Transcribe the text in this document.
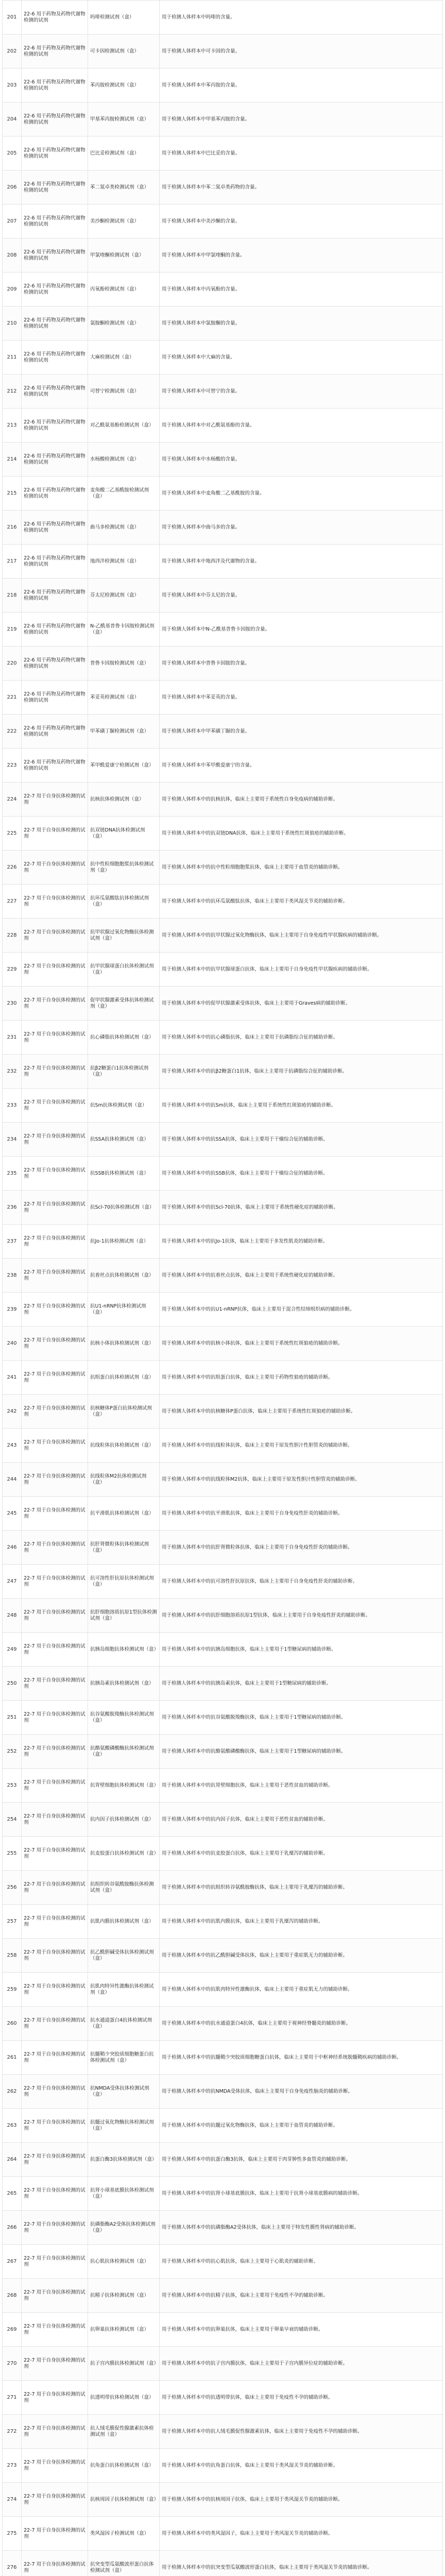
201	22-6 用于药物及药物代谢物检测的试剂	吗啡检测试剂（盒）	用于检测人体样本中吗啡的含量。
202	22-6 用于药物及药物代谢物检测的试剂	可卡因检测试剂（盒）	用于检测人体样本中可卡因的含量。
203	22-6 用于药物及药物代谢物检测的试剂	苯丙胺检测试剂（盒）	用于检测人体样本中苯丙胺的含量。
204	22-6 用于药物及药物代谢物检测的试剂	甲基苯丙胺检测试剂（盒）	用于检测人体样本中甲基苯丙胺的含量。
205	22-6 用于药物及药物代谢物检测的试剂	巴比妥检测试剂（盒）	用于检测人体样本中巴比妥的含量。
206	22-6 用于药物及药物代谢物检测的试剂	苯二氮卓类检测试剂（盒）	用于检测人体样本中苯二氮卓类药物的含量。
207	22-6 用于药物及药物代谢物检测的试剂	美沙酮检测试剂（盒）	用于检测人体样本中美沙酮的含量。
208	22-6 用于药物及药物代谢物检测的试剂	甲氯喹酮检测试剂（盒）	用于检测人体样本中甲氯喹酮的含量。
209	22-6 用于药物及药物代谢物检测的试剂	丙氧酚检测试剂（盒）	用于检测人体样本中丙氧酚的含量。
210	22-6 用于药物及药物代谢物检测的试剂	氯胺酮检测试剂（盒）	用于检测人体样本中氯胺酮的含量。
211	22-6 用于药物及药物代谢物检测的试剂	大麻检测试剂（盒）	用于检测人体样本中大麻的含量。
212	22-6 用于药物及药物代谢物检测的试剂	可替宁检测试剂（盒）	用于检测人体样本中可替宁的含量。
213	22-6 用于药物及药物代谢物检测的试剂	对乙酰氨基酚检测试剂（盒）	用于检测人体样本中对乙酰氨基酚的含量。
214	22-6 用于药物及药物代谢物检测的试剂	水杨酸检测试剂（盒）	用于检测人体样本中水杨酸的含量。
215	22-6 用于药物及药物代谢物检测的试剂	麦角酸二乙基酰胺检测试剂（盒）	用于检测人体样本中麦角酸二乙基酰胺的含量。
216	22-6 用于药物及药物代谢物检测的试剂	曲马多检测试剂（盒）	用于检测人体样本中曲马多的含量。
217	22-6 用于药物及药物代谢物检测的试剂	地西泮检测试剂（盒）	用于检测人体样本中地西泮及代谢物的含量。
218	22-6 用于药物及药物代谢物检测的试剂	芬太尼检测试剂（盒）	用于检测人体样本中芬太尼的含量。
219	22-6 用于药物及药物代谢物检测的试剂	N-乙酰基普鲁卡因胺检测试剂（盒）	用于检测人体样本中N-乙酰基普鲁卡因胺的含量。
220	22-6 用于药物及药物代谢物检测的试剂	普鲁卡因胺检测试剂（盒）	用于检测人体样本中普鲁卡因胺的含量。
221	22-6 用于药物及药物代谢物检测的试剂	苯妥英检测试剂（盒）	用于检测人体样本中苯妥英的含量。
222	22-6 用于药物及药物代谢物检测的试剂	甲苯磺丁脲检测试剂（盒）	用于检测人体样本中甲苯磺丁脲的含量。
223	22-6 用于药物及药物代谢物检测的试剂	苯甲酰爱康宁检测试剂（盒）	用于检测人体样本中苯甲酰爱康宁的含量。
224	22-7 用于自身抗体检测的试剂	抗核抗体检测试剂（盒）	用于检测人体样本中的抗核抗体，临床上主要用于系统性自身免疫病的辅助诊断。
225	22-7 用于自身抗体检测的试剂	抗双链DNA抗体检测试剂（盒）	用于检测人体样本中的抗双链DNA抗体，临床上主要用于系统性红斑狼疮的辅助诊断。
226	22-7 用于自身抗体检测的试剂	抗中性粒细胞胞浆抗体检测试剂（盒）	用于检测人体样本中的抗中性粒细胞胞浆抗体，临床上主要用于血管炎的辅助诊断。
227	22-7 用于自身抗体检测的试剂	抗环瓜氨酸肽抗体检测试剂（盒）	用于检测人体样本中的抗环瓜氨酸肽抗体，临床上主要用于类风湿关节炎的辅助诊断。
228	22-7 用于自身抗体检测的试剂	抗甲状腺过氧化物酶抗体检测试剂（盒）	用于检测人体样本中的抗甲状腺过氧化物酶抗体，临床上主要用于自身免疫性甲状腺疾病的辅助诊断。
229	22-7 用于自身抗体检测的试剂	抗甲状腺球蛋白抗体检测试剂（盒）	用于检测人体样本中的抗甲状腺球蛋白抗体，临床上主要用于自身免疫性甲状腺疾病的辅助诊断。
230	22-7 用于自身抗体检测的试剂	促甲状腺激素受体抗体检测试剂（盒）	用于检测人体样本中的促甲状腺激素受体抗体，临床上主要用于Graves病的辅助诊断。
231	22-7 用于自身抗体检测的试剂	抗心磷脂抗体检测试剂（盒）	用于检测人体样本中的抗心磷脂抗体，临床上主要用于抗磷脂综合征的辅助诊断。
232	22-7 用于自身抗体检测的试剂	抗β2糖蛋白1抗体检测试剂（盒）	用于检测人体样本中的抗β2糖蛋白1抗体，临床上主要用于抗磷脂综合征的辅助诊断。
233	22-7 用于自身抗体检测的试剂	抗Sm抗体检测试剂（盒）	用于检测人体样本中的抗Sm抗体，临床上主要用于系统性红斑狼疮的辅助诊断。
234	22-7 用于自身抗体检测的试剂	抗SSA抗体检测试剂（盒）	用于检测人体样本中的抗SSA抗体，临床上主要用于干燥综合征的辅助诊断。
235	22-7 用于自身抗体检测的试剂	抗SSB抗体检测试剂（盒）	用于检测人体样本中的抗SSB抗体，临床上主要用于干燥综合征的辅助诊断。
236	22-7 用于自身抗体检测的试剂	抗Scl-70抗体检测试剂（盒）	用于检测人体样本中的抗Scl-70抗体，临床上主要用于系统性硬化症的辅助诊断。
237	22-7 用于自身抗体检测的试剂	抗Jo-1抗体检测试剂（盒）	用于检测人体样本中的抗Jo-1抗体，临床上主要用于多发性肌炎的辅助诊断。
238	22-7 用于自身抗体检测的试剂	抗着丝点抗体检测试剂（盒）	用于检测人体样本中的抗着丝点抗体，临床上主要用于系统性硬化症的辅助诊断。
239	22-7 用于自身抗体检测的试剂	抗U1-nRNP抗体检测试剂（盒）	用于检测人体样本中的抗U1-nRNP抗体，临床上主要用于混合性结缔组织病的辅助诊断。
240	22-7 用于自身抗体检测的试剂	抗核小体抗体检测试剂（盒）	用于检测人体样本中的抗核小体抗体，临床上主要用于系统性红斑狼疮的辅助诊断。
241	22-7 用于自身抗体检测的试剂	抗组蛋白抗体检测试剂（盒）	用于检测人体样本中的抗组蛋白抗体，临床上主要用于药物性狼疮的辅助诊断。
242	22-7 用于自身抗体检测的试剂	抗核糖体P蛋白抗体检测试剂（盒）	用于检测人体样本中的抗核糖体P蛋白抗体，临床上主要用于系统性红斑狼疮的辅助诊断。
243	22-7 用于自身抗体检测的试剂	抗线粒体抗体检测试剂（盒）	用于检测人体样本中的抗线粒体抗体，临床上主要用于原发性胆汁性胆管炎的辅助诊断。
244	22-7 用于自身抗体检测的试剂	抗线粒体M2抗体检测试剂（盒）	用于检测人体样本中的抗线粒体M2抗体，临床上主要用于原发性胆汁性胆管炎的辅助诊断。
245	22-7 用于自身抗体检测的试剂	抗平滑肌抗体检测试剂（盒）	用于检测人体样本中的抗平滑肌抗体，临床上主要用于自身免疫性肝炎的辅助诊断。
246	22-7 用于自身抗体检测的试剂	抗肝肾微粒体抗体检测试剂（盒）	用于检测人体样本中的抗肝肾微粒体抗体，临床上主要用于自身免疫性肝炎的辅助诊断。
247	22-7 用于自身抗体检测的试剂	抗可溶性肝抗原抗体检测试剂（盒）	用于检测人体样本中的抗可溶性肝抗原抗体，临床上主要用于自身免疫性肝炎的辅助诊断。
248	22-7 用于自身抗体检测的试剂	抗肝细胞溶质抗原1型抗体检测试剂（盒）	用于检测人体样本中的抗肝细胞溶质抗原1型抗体，临床上主要用于自身免疫性肝炎的辅助诊断。
249	22-7 用于自身抗体检测的试剂	抗胰岛细胞抗体检测试剂（盒）	用于检测人体样本中的抗胰岛细胞抗体，临床上主要用于1型糖尿病的辅助诊断。
250	22-7 用于自身抗体检测的试剂	抗胰岛素抗体检测试剂（盒）	用于检测人体样本中的抗胰岛素抗体，临床上主要用于1型糖尿病的辅助诊断。
251	22-7 用于自身抗体检测的试剂	抗谷氨酸脱羧酶抗体检测试剂（盒）	用于检测人体样本中的抗谷氨酸脱羧酶抗体，临床上主要用于1型糖尿病的辅助诊断。
252	22-7 用于自身抗体检测的试剂	抗酪氨酸磷酸酶抗体检测试剂（盒）	用于检测人体样本中的抗酪氨酸磷酸酶抗体，临床上主要用于1型糖尿病的辅助诊断。
253	22-7 用于自身抗体检测的试剂	抗胃壁细胞抗体检测试剂（盒）	用于检测人体样本中的抗胃壁细胞抗体，临床上主要用于恶性贫血的辅助诊断。
254	22-7 用于自身抗体检测的试剂	抗内因子抗体检测试剂（盒）	用于检测人体样本中的抗内因子抗体，临床上主要用于恶性贫血的辅助诊断。
255	22-7 用于自身抗体检测的试剂	抗麦胶蛋白抗体检测试剂（盒）	用于检测人体样本中的抗麦胶蛋白抗体，临床上主要用于乳糜泻的辅助诊断。
256	22-7 用于自身抗体检测的试剂	抗组织转谷氨酰胺酶抗体检测试剂（盒）	用于检测人体样本中的抗组织转谷氨酰胺酶抗体，临床上主要用于乳糜泻的辅助诊断。
257	22-7 用于自身抗体检测的试剂	抗肌内膜抗体检测试剂（盒）	用于检测人体样本中的抗肌内膜抗体，临床上主要用于乳糜泻的辅助诊断。
258	22-7 用于自身抗体检测的试剂	抗乙酰胆碱受体抗体检测试剂（盒）	用于检测人体样本中的抗乙酰胆碱受体抗体，临床上主要用于重症肌无力的辅助诊断。
259	22-7 用于自身抗体检测的试剂	抗肌肉特异性激酶抗体检测试剂（盒）	用于检测人体样本中的抗肌肉特异性激酶抗体，临床上主要用于重症肌无力的辅助诊断。
260	22-7 用于自身抗体检测的试剂	抗水通道蛋白4抗体检测试剂（盒）	用于检测人体样本中的抗水通道蛋白4抗体，临床上主要用于视神经脊髓炎的辅助诊断。
261	22-7 用于自身抗体检测的试剂	抗髓鞘少突胶质细胞糖蛋白抗体检测试剂（盒）	用于检测人体样本中的抗髓鞘少突胶质细胞糖蛋白抗体，临床上主要用于中枢神经系统脱髓鞘疾病的辅助诊断。
262	22-7 用于自身抗体检测的试剂	抗NMDA受体抗体检测试剂（盒）	用于检测人体样本中的抗NMDA受体抗体，临床上主要用于自身免疫性脑炎的辅助诊断。
263	22-7 用于自身抗体检测的试剂	抗髓过氧化物酶抗体检测试剂（盒）	用于检测人体样本中的抗髓过氧化物酶抗体，临床上主要用于血管炎的辅助诊断。
264	22-7 用于自身抗体检测的试剂	抗蛋白酶3抗体检测试剂（盒）	用于检测人体样本中的抗蛋白酶3抗体，临床上主要用于肉芽肿性多血管炎的辅助诊断。
265	22-7 用于自身抗体检测的试剂	抗肾小球基底膜抗体检测试剂（盒）	用于检测人体样本中的抗肾小球基底膜抗体，临床上主要用于抗肾小球基底膜病的辅助诊断。
266	22-7 用于自身抗体检测的试剂	抗磷脂酶A2受体抗体检测试剂（盒）	用于检测人体样本中的抗磷脂酶A2受体抗体，临床上主要用于特发性膜性肾病的辅助诊断。
267	22-7 用于自身抗体检测的试剂	抗心肌抗体检测试剂（盒）	用于检测人体样本中的抗心肌抗体，临床上主要用于心肌炎的辅助诊断。
268	22-7 用于自身抗体检测的试剂	抗精子抗体检测试剂（盒）	用于检测人体样本中的抗精子抗体，临床上主要用于免疫性不孕的辅助诊断。
269	22-7 用于自身抗体检测的试剂	抗卵巢抗体检测试剂（盒）	用于检测人体样本中的抗卵巢抗体，临床上主要用于卵巢早衰的辅助诊断。
270	22-7 用于自身抗体检测的试剂	抗子宫内膜抗体检测试剂（盒）	用于检测人体样本中的抗子宫内膜抗体，临床上主要用于子宫内膜异位症的辅助诊断。
271	22-7 用于自身抗体检测的试剂	抗透明带抗体检测试剂（盒）	用于检测人体样本中的抗透明带抗体，临床上主要用于免疫性不孕的辅助诊断。
272	22-7 用于自身抗体检测的试剂	抗人绒毛膜促性腺激素抗体检测试剂（盒）	用于检测人体样本中的抗人绒毛膜促性腺激素抗体，临床上主要用于免疫性不孕的辅助诊断。
273	22-7 用于自身抗体检测的试剂	抗角蛋白抗体检测试剂（盒）	用于检测人体样本中的抗角蛋白抗体，临床上主要用于类风湿关节炎的辅助诊断。
274	22-7 用于自身抗体检测的试剂	抗核周因子抗体检测试剂（盒）	用于检测人体样本中的抗核周因子抗体，临床上主要用于类风湿关节炎的辅助诊断。
275	22-7 用于自身抗体检测的试剂	类风湿因子检测试剂（盒）	用于检测人体样本中的类风湿因子，临床上主要用于类风湿关节炎的辅助诊断。
276	22-7 用于自身抗体检测的试剂	抗突变型瓜氨酸波形蛋白抗体检测试剂（盒）	用于检测人体样本中的抗突变型瓜氨酸波形蛋白抗体，临床上主要用于类风湿关节炎的辅助诊断。
